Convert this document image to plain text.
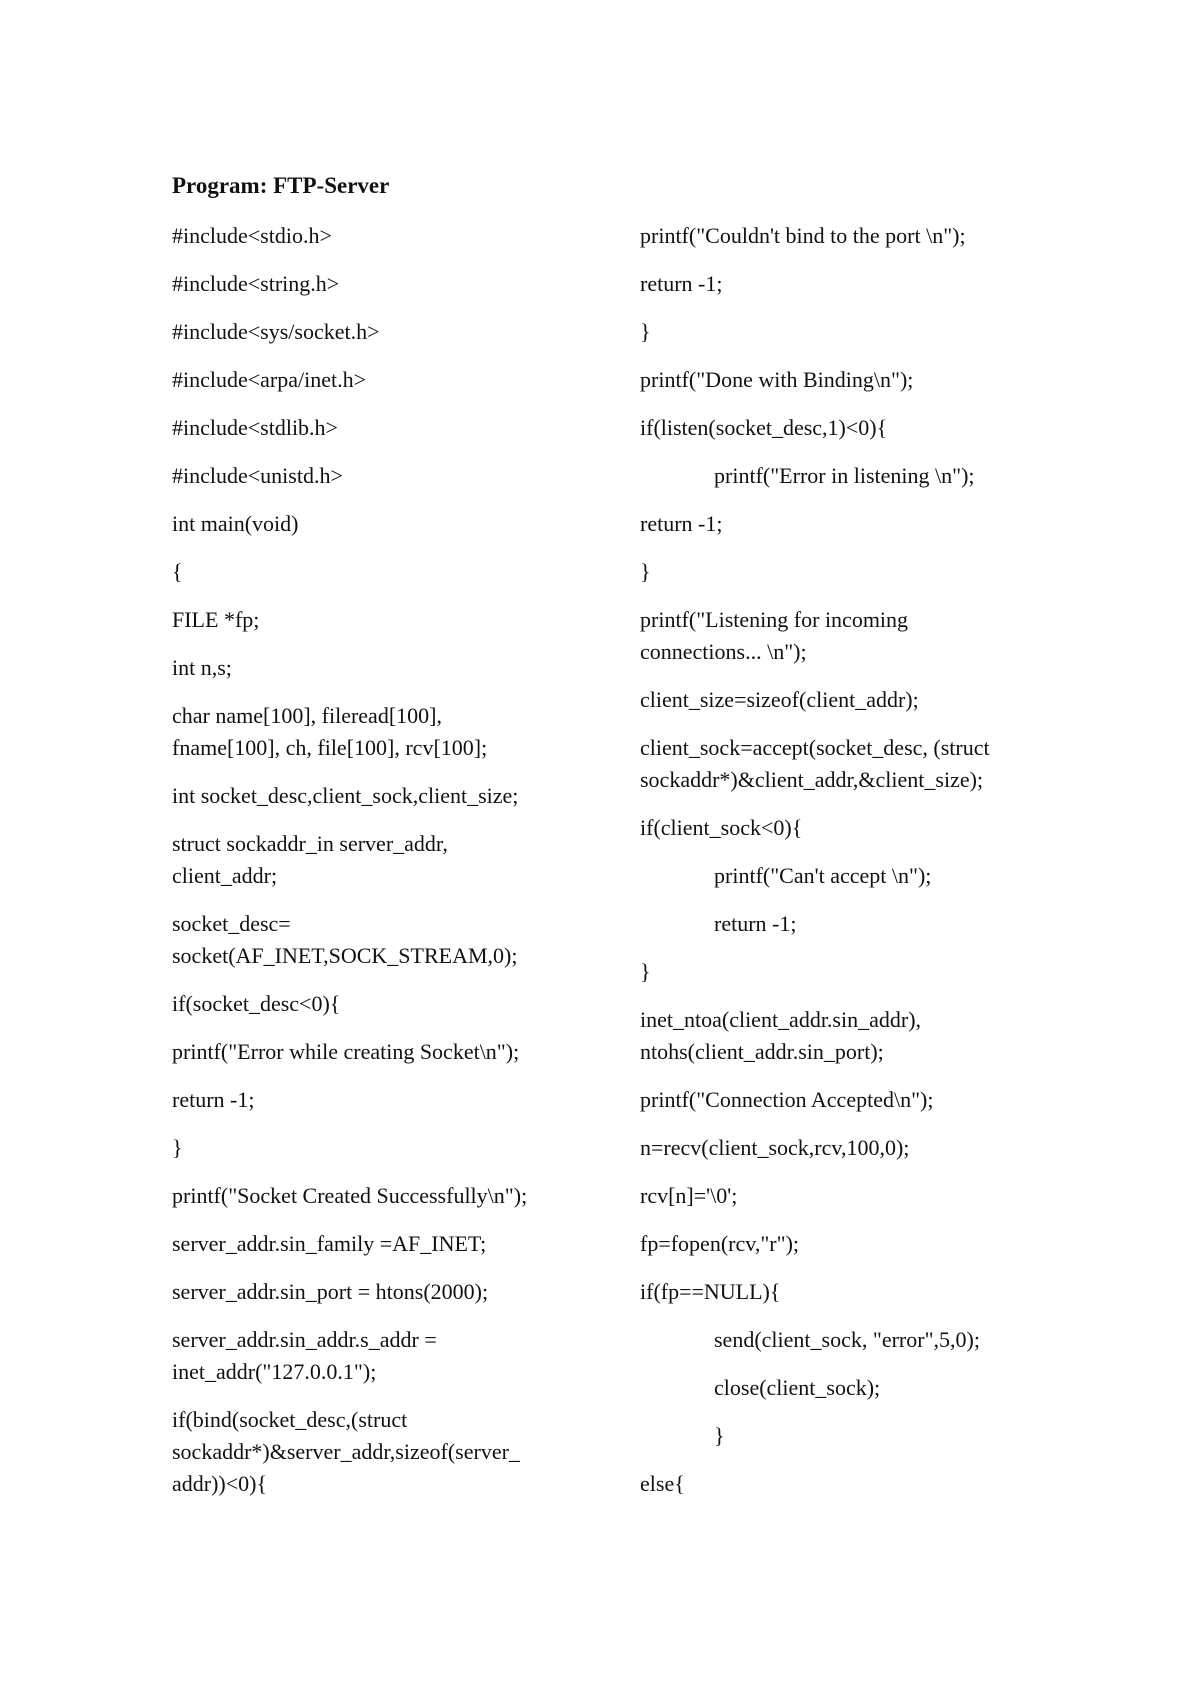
Program: FTP-Server
#include<stdio.h>
#include<string.h>
#include<sys/socket.h>
#include<arpa/inet.h>
#include<stdlib.h>
#include<unistd.h>
int main(void)
{
FILE *fp;
int n,s;
char name[100], fileread[100],
fname[100], ch, file[100], rcv[100];
int socket_desc,client_sock,client_size;
struct sockaddr_in server_addr,
client_addr;
socket_desc=
socket(AF_INET,SOCK_STREAM,0);
if(socket_desc<0){
printf("Error while creating Socket\n");
return -1;
}
printf("Socket Created Successfully\n");
server_addr.sin_family =AF_INET;
server_addr.sin_port = htons(2000);
server_addr.sin_addr.s_addr =
inet_addr("127.0.0.1");
if(bind(socket_desc,(struct
sockaddr*)&server_addr,sizeof(server_
addr))<0){
printf("Couldn't bind to the port \n");
return -1;
}
printf("Done with Binding\n");
if(listen(socket_desc,1)<0){
printf("Error in listening \n");
return -1;
}
printf("Listening for incoming
connections... \n");
client_size=sizeof(client_addr);
client_sock=accept(socket_desc, (struct
sockaddr*)&client_addr,&client_size);
if(client_sock<0){
printf("Can't accept \n");
return -1;
}
inet_ntoa(client_addr.sin_addr),
ntohs(client_addr.sin_port);
printf("Connection Accepted\n");
n=recv(client_sock,rcv,100,0);
rcv[n]='\0';
fp=fopen(rcv,"r");
if(fp==NULL){
send(client_sock, "error",5,0);
close(client_sock);
}
else{
